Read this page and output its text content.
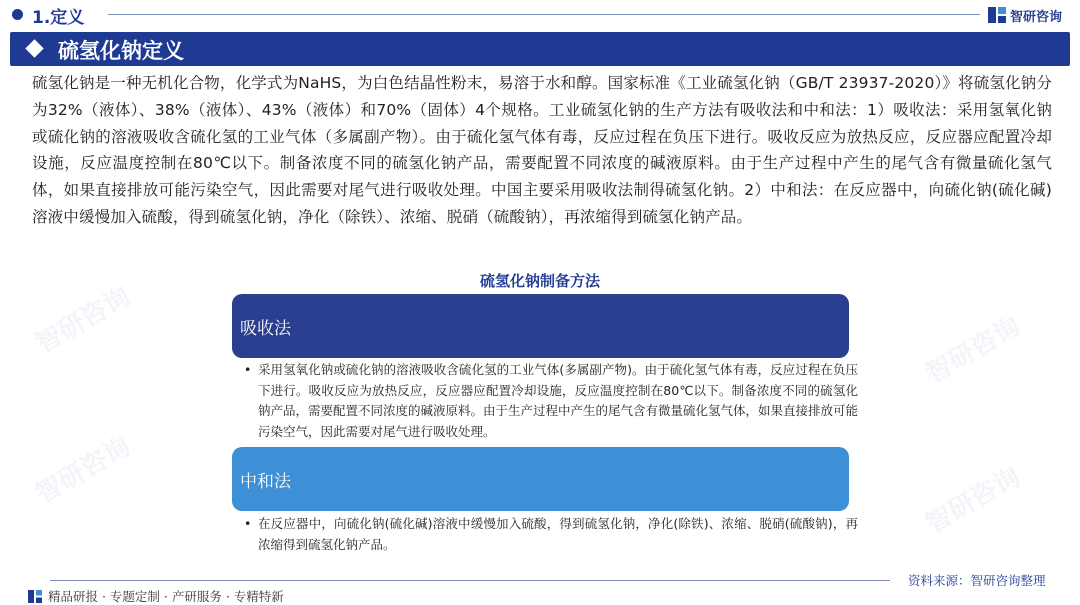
智研咨询
智研咨询
智研咨询
智研咨询
1.定义	智研咨询
硫氢化钠定义
硫氢化钠是一种无机化合物，化学式为NaHS，为白色结晶性粉末，易溶于水和醇。国家标准《工业硫氢化钠（GB/T 23937-2020）》将硫氢化钠分为32%（液体）、38%（液体）、43%（液体）和70%（固体）4个规格。工业硫氢化钠的生产方法有吸收法和中和法：1）吸收法：采用氢氧化钠或硫化钠的溶液吸收含硫化氢的工业气体（多属副产物）。由于硫化氢气体有毒，反应过程在负压下进行。吸收反应为放热反应，反应器应配置冷却设施，反应温度控制在80℃以下。制备浓度不同的硫氢化钠产品，需要配置不同浓度的碱液原料。由于生产过程中产生的尾气含有微量硫化氢气体，如果直接排放可能污染空气，因此需要对尾气进行吸收处理。中国主要采用吸收法制得硫氢化钠。2）中和法：在反应器中，向硫化钠(硫化碱)溶液中缓慢加入硫酸，得到硫氢化钠，净化（除铁）、浓缩、脱硝（硫酸钠），再浓缩得到硫氢化钠产品。
硫氢化钠制备方法
吸收法
• 采用氢氧化钠或硫化钠的溶液吸收含硫化氢的工业气体(多属副产物)。由于硫化氢气体有毒，反应过程在负压下进行。吸收反应为放热反应，反应器应配置冷却设施，反应温度控制在80℃以下。制备浓度不同的硫氢化钠产品，需要配置不同浓度的碱液原料。由于生产过程中产生的尾气含有微量硫化氢气体，如果直接排放可能污染空气，因此需要对尾气进行吸收处理。
中和法
• 在反应器中，向硫化钠(硫化碱)溶液中缓慢加入硫酸，得到硫氢化钠，净化(除铁)、浓缩、脱硝(硫酸钠)，再浓缩得到硫氢化钠产品。
资料来源：智研咨询整理
精品研报 · 专题定制 · 产研服务 · 专精特新
